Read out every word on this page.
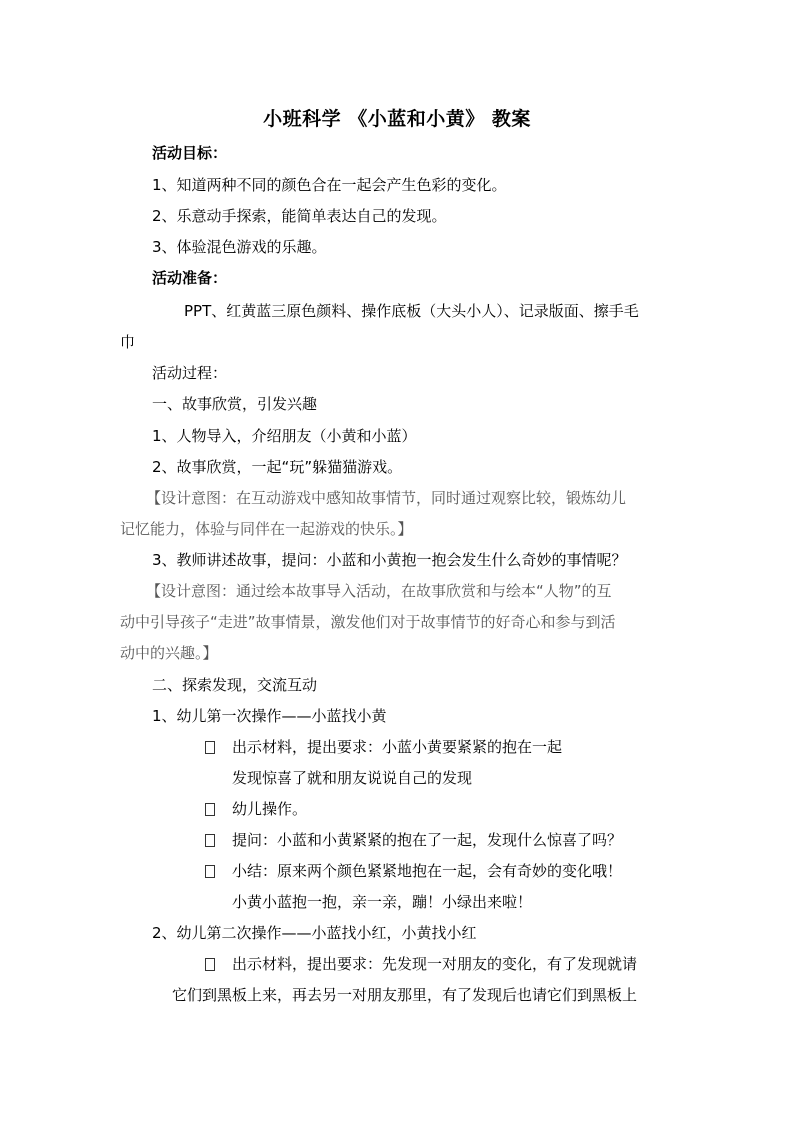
小班科学 《小蓝和小黄》 教案
活动目标：
1、知道两种不同的颜色合在一起会产生色彩的变化。
2、乐意动手探索，能简单表达自己的发现。
3、体验混色游戏的乐趣。
活动准备：
PPT、红黄蓝三原色颜料、操作底板（大头小人）、记录版面、擦手毛
巾
活动过程：
一、故事欣赏，引发兴趣
1、人物导入，介绍朋友（小黄和小蓝）
2、故事欣赏，一起“玩”躲猫猫游戏。
【设计意图：在互动游戏中感知故事情节，同时通过观察比较，锻炼幼儿
记忆能力，体验与同伴在一起游戏的快乐。】
3、教师讲述故事，提问：小蓝和小黄抱一抱会发生什么奇妙的事情呢？
【设计意图：通过绘本故事导入活动，在故事欣赏和与绘本“人物”的互
动中引导孩子“走进”故事情景，激发他们对于故事情节的好奇心和参与到活
动中的兴趣。】
二、探索发现，交流互动
1、幼儿第一次操作——小蓝找小黄
出示材料，提出要求：小蓝小黄要紧紧的抱在一起
发现惊喜了就和朋友说说自己的发现
幼儿操作。
提问：小蓝和小黄紧紧的抱在了一起，发现什么惊喜了吗？
小结：原来两个颜色紧紧地抱在一起，会有奇妙的变化哦！
小黄小蓝抱一抱，亲一亲，蹦！小绿出来啦！
2、幼儿第二次操作——小蓝找小红，小黄找小红
出示材料，提出要求：先发现一对朋友的变化，有了发现就请
它们到黑板上来，再去另一对朋友那里，有了发现后也请它们到黑板上
